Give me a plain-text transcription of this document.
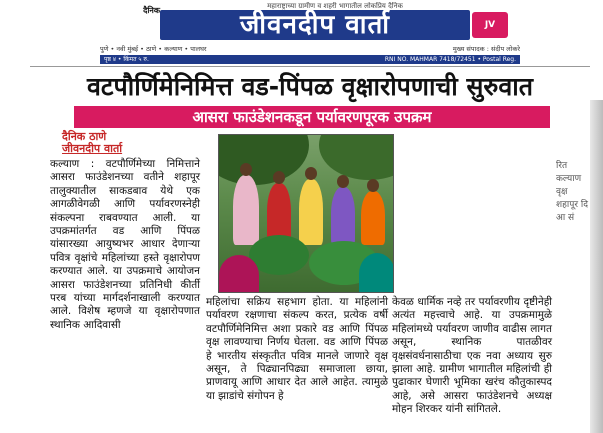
महाराष्ट्राच्या ग्रामीण व शहरी भागातील लोकप्रिय दैनिक
दैनिक	जीवनदीप वार्ता	JV
पुणे • नवी मुंबई • ठाणे • कल्याण • पालघर	मुख्य संपादक : संदीप लोकरे
पृष्ठ ४ • किंमत ५ रु.	RNI NO. MAHMAR 7418/72451 • Postal Reg.
वटपौर्णिमेनिमित्त वड-पिंपळ वृक्षारोपणाची सुरुवात
आसरा फाउंडेशनकडून पर्यावरणपूरक उपक्रम
दैनिक ठाणे
जीवनदीप वार्ता

कल्याण : वटपौर्णिमेच्या निमित्ताने आसरा फाउंडेशनच्या वतीने शहापूर तालुक्यातील साकडबाव येथे एक आगळीवेगळी आणि पर्यावरणस्नेही संकल्पना राबवण्यात आली. या उपक्रमांतर्गत वड आणि पिंपळ यांसारख्या आयुष्यभर आधार देणाऱ्या पवित्र वृक्षांचे महिलांच्या हस्ते वृक्षारोपण करण्यात आले. या उपक्रमाचे आयोजन आसरा फाउंडेशनच्या प्रतिनिधी कीर्ती परब यांच्या मार्गदर्शनाखाली करण्यात आले. विशेष म्हणजे या वृक्षारोपणात स्थानिक आदिवासी

महिलांचा सक्रिय सहभाग होता. या महिलांनी पर्यावरण रक्षणाचा संकल्प करत, प्रत्येक वर्षी वटपौर्णिमेनिमित्त अशा प्रकारे वड आणि पिंपळ वृक्ष लावण्याचा निर्णय घेतला. वड आणि पिंपळ हे भारतीय संस्कृतीत पवित्र मानले जाणारे वृक्ष असून, ते पिढ्यानपिढ्या समाजाला छाया, प्राणवायू आणि आधार देत आले आहेत. त्यामुळे या झाडांचे संगोपन हे

केवळ धार्मिक नव्हे तर पर्यावरणीय दृष्टीनेही अत्यंत महत्त्वाचे आहे. या उपक्रमामुळे महिलांमध्ये पर्यावरण जाणीव वाढीस लागत असून, स्थानिक पातळीवर वृक्षसंवर्धनासाठीचा एक नवा अध्याय सुरु झाला आहे. ग्रामीण भागातील महिलांची ही पुढाकार घेणारी भूमिका खरंच कौतुकास्पद आहे, असे आसरा फाउंडेशनचे अध्यक्ष मोहन शिरकर यांनी सांगितले.

रित कल्याण वृक्ष शहापूर दि आ सं
